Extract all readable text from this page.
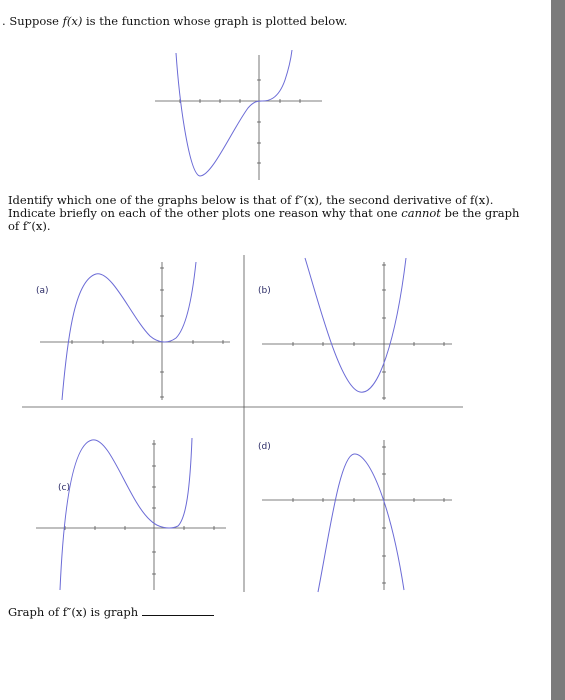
. Suppose f(x) is the function whose graph is plotted below.
Identify which one of the graphs below is that of f″(x), the second derivative of f(x).
Indicate briefly on each of the other plots one reason why that one cannot be the graph
of f″(x).
Graph of f″(x) is graph
(a)	(b)
(c)
(d)
